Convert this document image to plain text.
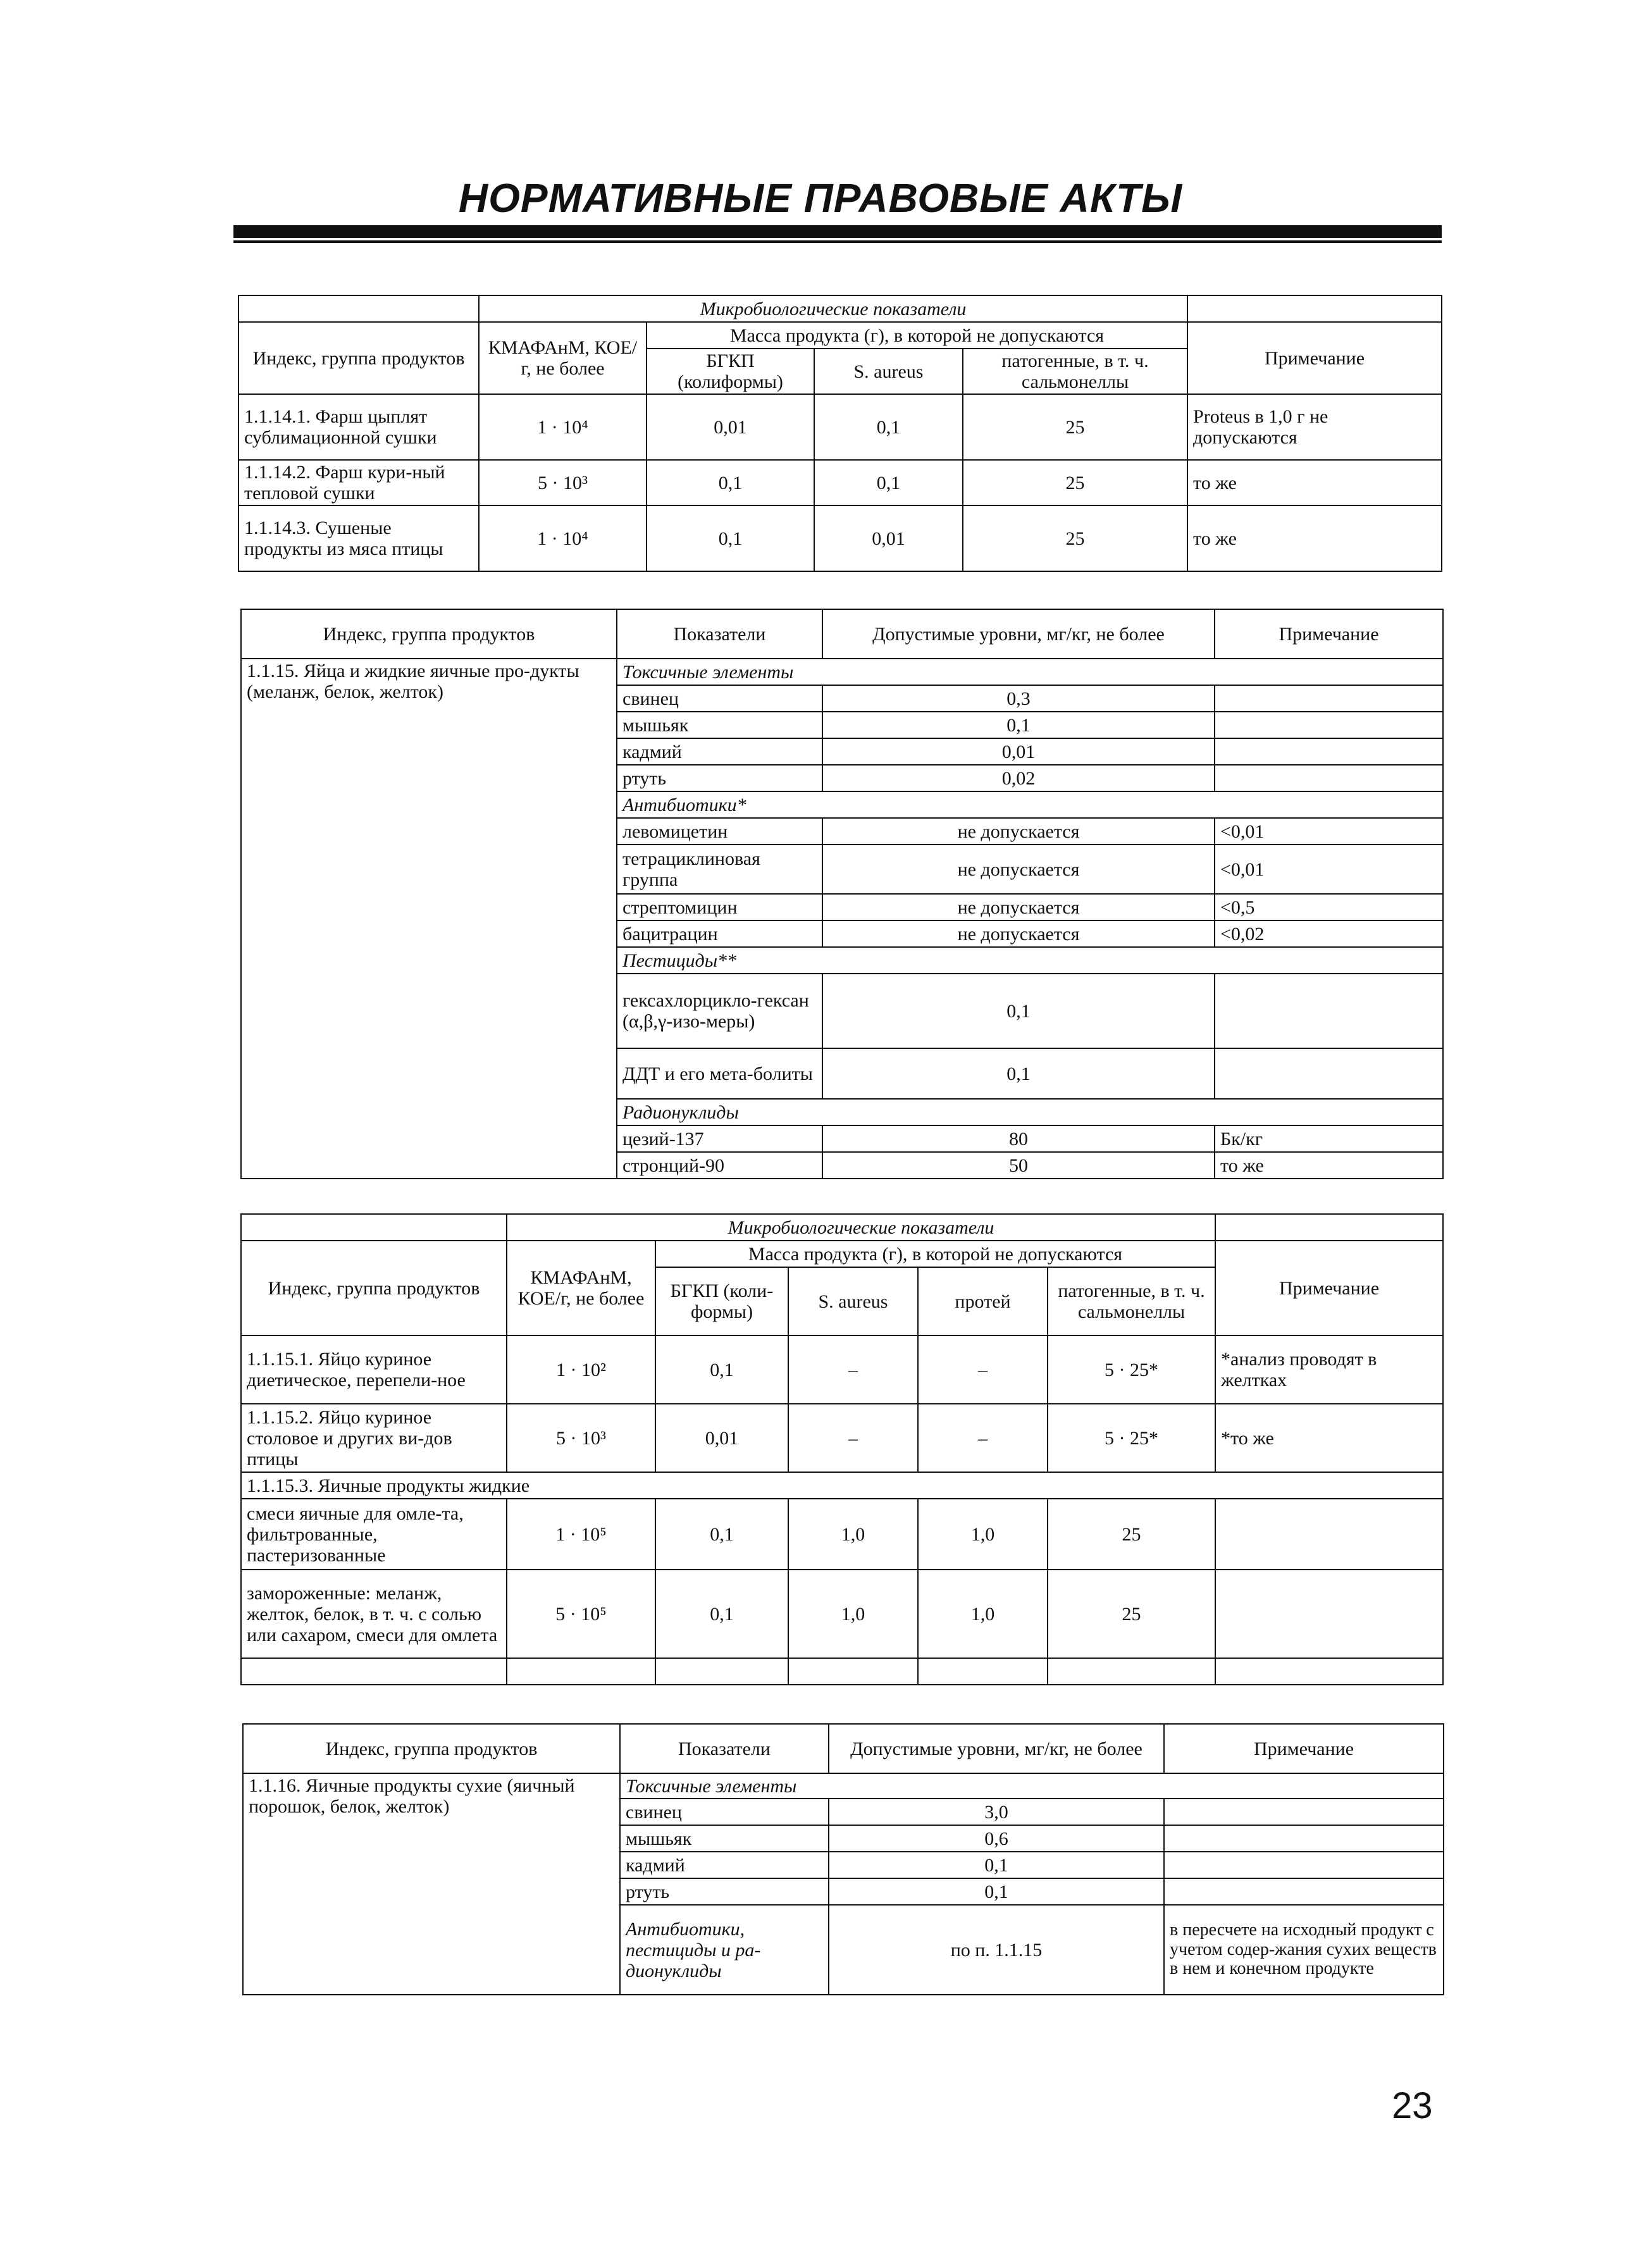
НОРМАТИВНЫЕ ПРАВОВЫЕ АКТЫ
	Микробиологические показатели				
Индекс, группа продуктов	КМАФАнМ, КОЕ/г, не более	Масса продукта (г), в которой не допускаются			Примечание
		БГКП (колиформы)	S. aureus	патогенные, в т. ч. сальмонеллы	
1.1.14.1. Фарш цыплят сублимационной сушки	1 · 10⁴	0,01	0,1	25	Proteus в 1,0 г не допускаются
1.1.14.2. Фарш кури-ный тепловой сушки	5 · 10³	0,1	0,1	25	то же
1.1.14.3. Сушеные продукты из мяса птицы	1 · 10⁴	0,1	0,01	25	то же
Индекс, группа продуктов	Показатели	Допустимые уровни, мг/кг, не более	Примечание
1.1.15. Яйца и жидкие яичные про-дукты (меланж, белок, желток)	Токсичные элементы		
	свинец	0,3	
	мышьяк	0,1	
	кадмий	0,01	
	ртуть	0,02	
	Антибиотики*		
	левомицетин	не допускается	<0,01
	тетрациклиновая группа	не допускается	<0,01
	стрептомицин	не допускается	<0,5
	бацитрацин	не допускается	<0,02
	Пестициды**		
	гексахлорцикло-гексан (α,β,γ-изо-меры)	0,1	
	ДДТ и его мета-болиты	0,1	
	Радионуклиды		
	цезий-137	80	Бк/кг
	стронций-90	50	то же
	Микробиологические показатели					
Индекс, группа продуктов	КМАФАнМ, КОЕ/г, не более	Масса продукта (г), в которой не допускаются				Примечание
		БГКП (коли-формы)	S. aureus	протей	патогенные, в т. ч. сальмонеллы	
1.1.15.1. Яйцо куриное диетическое, перепели-ное	1 · 10²	0,1	–	–	5 · 25*	*анализ проводят в желтках
1.1.15.2. Яйцо куриное столовое и других ви-дов птицы	5 · 10³	0,01	–	–	5 · 25*	*то же
1.1.15.3. Яичные продукты жидкие						
смеси яичные для омле-та, фильтрованные, пастеризованные	1 · 10⁵	0,1	1,0	1,0	25	
замороженные: меланж, желток, белок, в т. ч. с солью или сахаром, смеси для омлета	5 · 10⁵	0,1	1,0	1,0	25	

Индекс, группа продуктов	Показатели	Допустимые уровни, мг/кг, не более	Примечание
1.1.16. Яичные продукты сухие (яичный порошок, белок, желток)	Токсичные элементы		
	свинец	3,0	
	мышьяк	0,6	
	кадмий	0,1	
	ртуть	0,1	
	Антибиотики, пестициды и ра-дионуклиды	по п. 1.1.15	в пересчете на исходный продукт с учетом содер-жания сухих веществ в нем и конечном продукте
23
